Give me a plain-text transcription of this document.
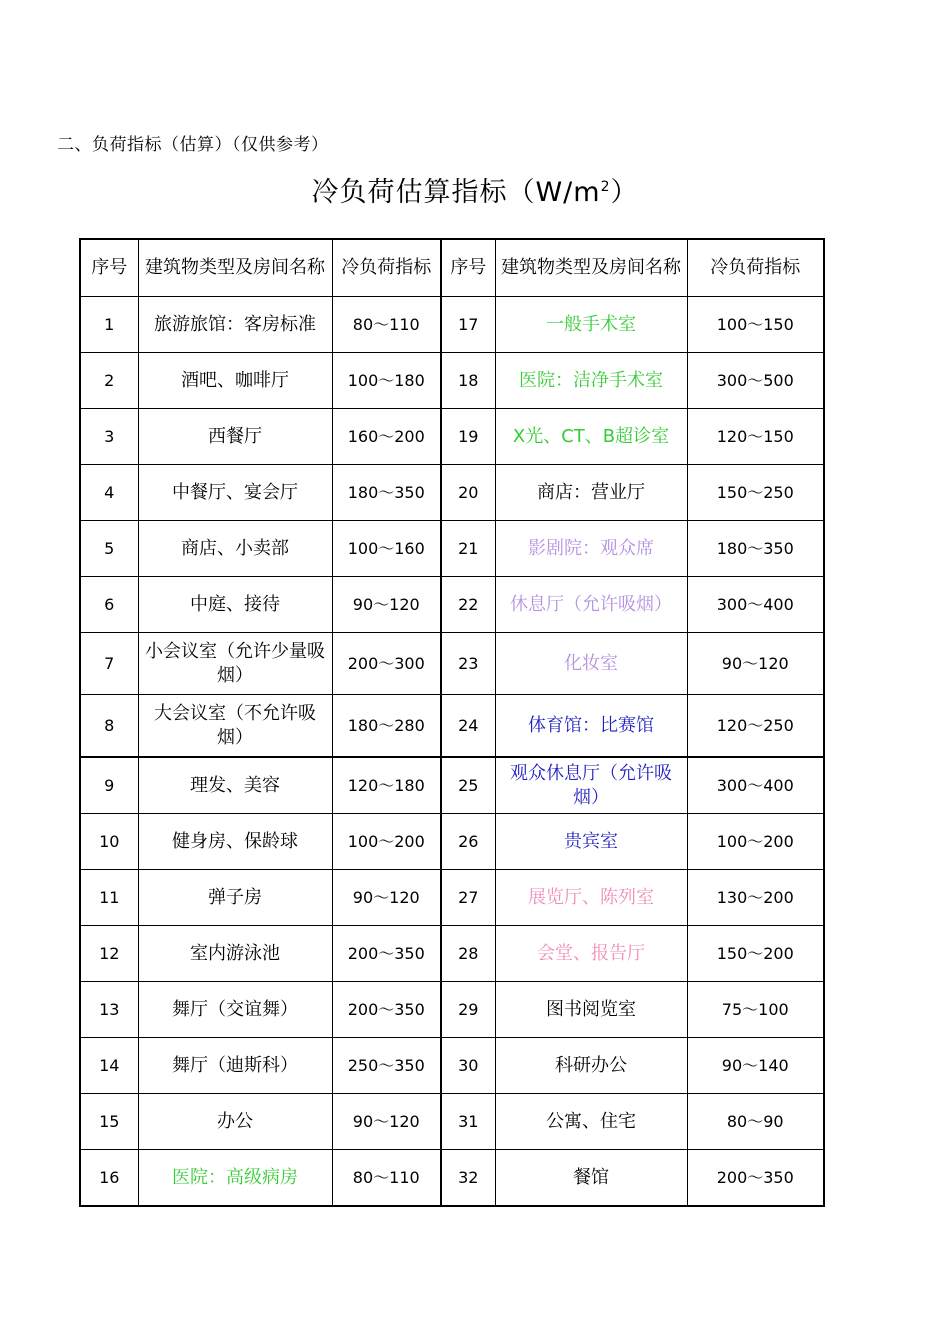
二、负荷指标（估算）（仅供参考）
冷负荷估算指标$(W/m^2)$
序号	建筑物类型及房间名称	冷负荷指标	序号	建筑物类型及房间名称	冷负荷指标
1	旅游旅馆：客房标准	80～110	17	一般手术室	100～150
2	酒吧、咖啡厅	100～180	18	医院：洁净手术室	300～500
3	西餐厅	160～200	19	X光、CT、B超诊室	120～150
4	中餐厅、宴会厅	180～350	20	商店：营业厅	150～250
5	商店、小卖部	100～160	21	影剧院：观众席	180～350
6	中庭、接待	90～120	22	休息厅（允许吸烟）	300～400
7	小会议室（允许少量吸烟）	200～300	23	化妆室	90～120
8	大会议室（不允许吸烟）	180～280	24	体育馆：比赛馆	120～250
9	理发、美容	120～180	25	观众休息厅（允许吸烟）	300～400
10	健身房、保龄球	100～200	26	贵宾室	100～200
11	弹子房	90～120	27	展览厅、陈列室	130～200
12	室内游泳池	200～350	28	会堂、报告厅	150～200
13	舞厅（交谊舞）	200～350	29	图书阅览室	75～100
14	舞厅（迪斯科）	250～350	30	科研办公	90～140
15	办公	90～120	31	公寓、住宅	80～90
16	医院：高级病房	80～110	32	餐馆	200～350
